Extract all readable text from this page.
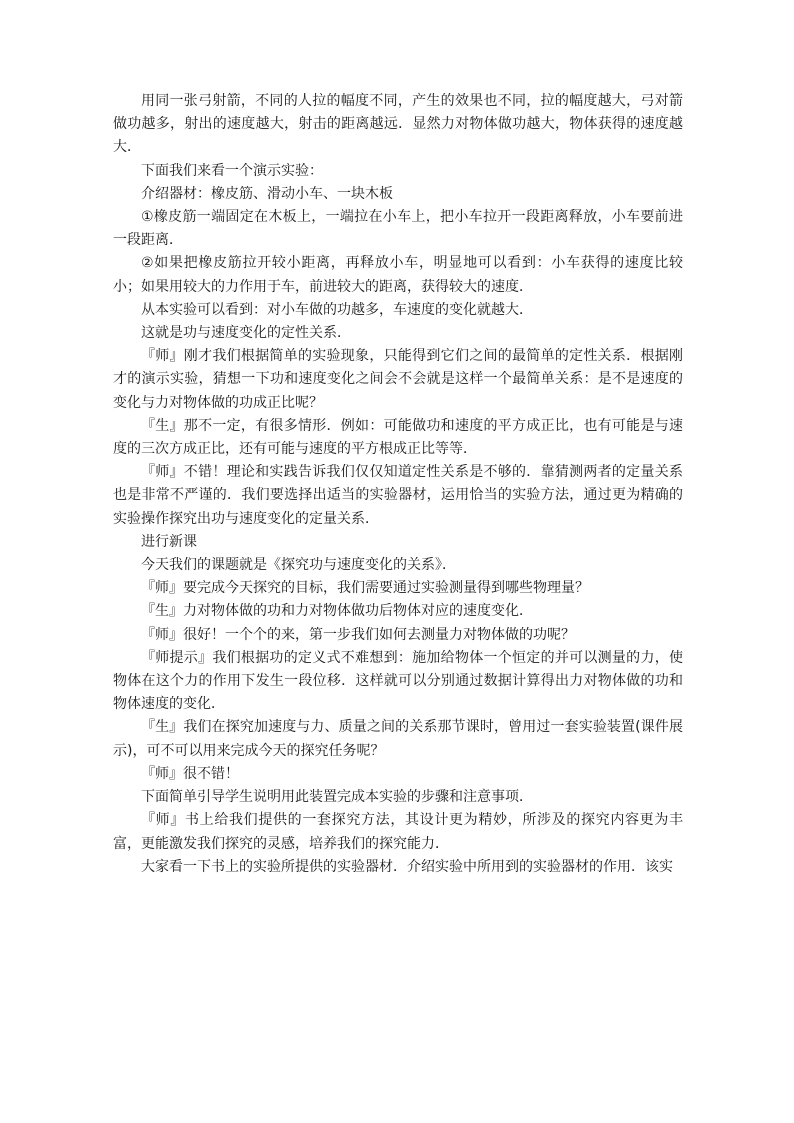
用同一张弓射箭，不同的人拉的幅度不同，产生的效果也不同，拉的幅度越大，弓对箭做功越多，射出的速度越大，射击的距离越远．显然力对物体做功越大，物体获得的速度越大．

下面我们来看一个演示实验：

介绍器材：橡皮筋、滑动小车、一块木板

①橡皮筋一端固定在木板上，一端拉在小车上，把小车拉开一段距离释放，小车要前进一段距离．

②如果把橡皮筋拉开较小距离，再释放小车，明显地可以看到：小车获得的速度比较小；如果用较大的力作用于车，前进较大的距离，获得较大的速度．

从本实验可以看到：对小车做的功越多，车速度的变化就越大．

这就是功与速度变化的定性关系．

『师』刚才我们根据简单的实验现象，只能得到它们之间的最简单的定性关系．根据刚才的演示实验，猜想一下功和速度变化之间会不会就是这样一个最简单关系：是不是速度的变化与力对物体做的功成正比呢？

『生』那不一定，有很多情形．例如：可能做功和速度的平方成正比，也有可能是与速度的三次方成正比，还有可能与速度的平方根成正比等等．

『师』不错！理论和实践告诉我们仅仅知道定性关系是不够的．靠猜测两者的定量关系也是非常不严谨的．我们要选择出适当的实验器材，运用恰当的实验方法，通过更为精确的实验操作探究出功与速度变化的定量关系．

进行新课

今天我们的课题就是《探究功与速度变化的关系》．

『师』要完成今天探究的目标，我们需要通过实验测量得到哪些物理量？

『生』力对物体做的功和力对物体做功后物体对应的速度变化．

『师』很好！一个个的来，第一步我们如何去测量力对物体做的功呢？

『师提示』我们根据功的定义式不难想到：施加给物体一个恒定的并可以测量的力，使物体在这个力的作用下发生一段位移．这样就可以分别通过数据计算得出力对物体做的功和物体速度的变化．

『生』我们在探究加速度与力、质量之间的关系那节课时，曾用过一套实验装置(课件展示)，可不可以用来完成今天的探究任务呢？

『师』很不错！

下面简单引导学生说明用此装置完成本实验的步骤和注意事项．

『师』书上给我们提供的一套探究方法，其设计更为精妙，所涉及的探究内容更为丰富，更能激发我们探究的灵感，培养我们的探究能力．

大家看一下书上的实验所提供的实验器材．介绍实验中所用到的实验器材的作用．该实
